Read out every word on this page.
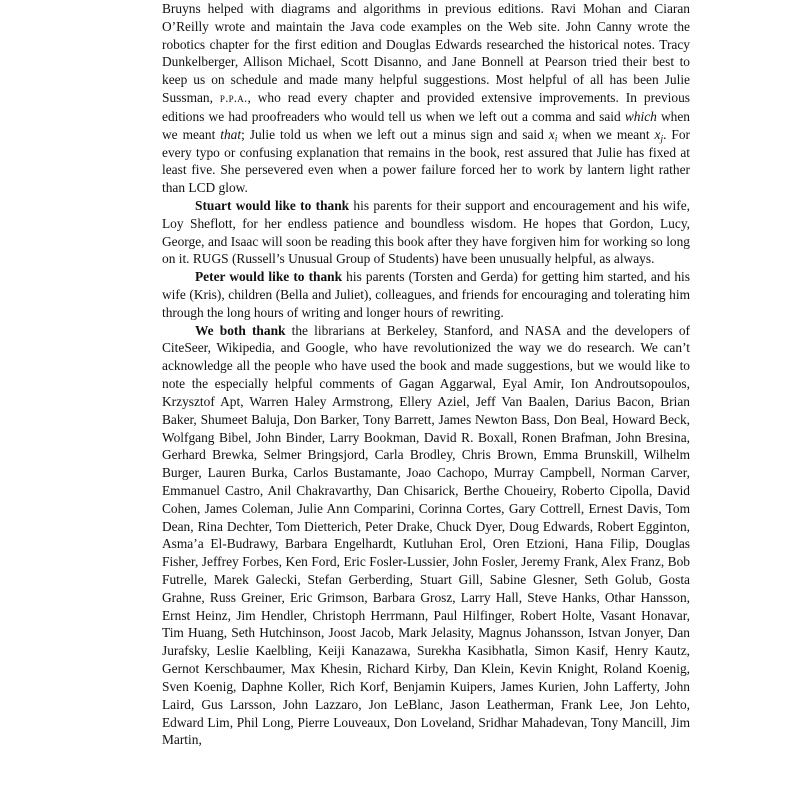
Bruyns helped with diagrams and algorithms in previous editions. Ravi Mohan and Ciaran O’Reilly wrote and maintain the Java code examples on the Web site. John Canny wrote the robotics chapter for the first edition and Douglas Edwards researched the historical notes. Tracy Dunkelberger, Allison Michael, Scott Disanno, and Jane Bonnell at Pearson tried their best to keep us on schedule and made many helpful suggestions. Most helpful of all has been Julie Sussman, p.p.a., who read every chapter and provided extensive improvements. In previous editions we had proofreaders who would tell us when we left out a comma and said which when we meant that; Julie told us when we left out a minus sign and said $x_i$ when we meant $x_j$. For every typo or confusing explanation that remains in the book, rest assured that Julie has fixed at least five. She persevered even when a power failure forced her to work by lantern light rather than LCD glow.

Stuart would like to thank his parents for their support and encouragement and his wife, Loy Sheflott, for her endless patience and boundless wisdom. He hopes that Gordon, Lucy, George, and Isaac will soon be reading this book after they have forgiven him for working so long on it. RUGS (Russell’s Unusual Group of Students) have been unusually helpful, as always.

Peter would like to thank his parents (Torsten and Gerda) for getting him started, and his wife (Kris), children (Bella and Juliet), colleagues, and friends for encouraging and tolerating him through the long hours of writing and longer hours of rewriting.

We both thank the librarians at Berkeley, Stanford, and NASA and the developers of CiteSeer, Wikipedia, and Google, who have revolutionized the way we do research. We can’t acknowledge all the people who have used the book and made suggestions, but we would like to note the especially helpful comments of Gagan Aggarwal, Eyal Amir, Ion Androutsopoulos, Krzysztof Apt, Warren Haley Armstrong, Ellery Aziel, Jeff Van Baalen, Darius Bacon, Brian Baker, Shumeet Baluja, Don Barker, Tony Barrett, James Newton Bass, Don Beal, Howard Beck, Wolfgang Bibel, John Binder, Larry Bookman, David R. Boxall, Ronen Brafman, John Bresina, Gerhard Brewka, Selmer Bringsjord, Carla Brodley, Chris Brown, Emma Brunskill, Wilhelm Burger, Lauren Burka, Carlos Bustamante, Joao Cachopo, Murray Campbell, Norman Carver, Emmanuel Castro, Anil Chakravarthy, Dan Chisarick, Berthe Choueiry, Roberto Cipolla, David Cohen, James Coleman, Julie Ann Comparini, Corinna Cortes, Gary Cottrell, Ernest Davis, Tom Dean, Rina Dechter, Tom Dietterich, Peter Drake, Chuck Dyer, Doug Edwards, Robert Egginton, Asma’a El-Budrawy, Barbara Engelhardt, Kutluhan Erol, Oren Etzioni, Hana Filip, Douglas Fisher, Jeffrey Forbes, Ken Ford, Eric Fosler-Lussier, John Fosler, Jeremy Frank, Alex Franz, Bob Futrelle, Marek Galecki, Stefan Gerberding, Stuart Gill, Sabine Glesner, Seth Golub, Gosta Grahne, Russ Greiner, Eric Grimson, Barbara Grosz, Larry Hall, Steve Hanks, Othar Hansson, Ernst Heinz, Jim Hendler, Christoph Herrmann, Paul Hilfinger, Robert Holte, Vasant Honavar, Tim Huang, Seth Hutchinson, Joost Jacob, Mark Jelasity, Magnus Johansson, Istvan Jonyer, Dan Jurafsky, Leslie Kaelbling, Keiji Kanazawa, Surekha Kasibhatla, Simon Kasif, Henry Kautz, Gernot Kerschbaumer, Max Khesin, Richard Kirby, Dan Klein, Kevin Knight, Roland Koenig, Sven Koenig, Daphne Koller, Rich Korf, Benjamin Kuipers, James Kurien, John Lafferty, John Laird, Gus Larsson, John Lazzaro, Jon LeBlanc, Jason Leatherman, Frank Lee, Jon Lehto, Edward Lim, Phil Long, Pierre Louveaux, Don Loveland, Sridhar Mahadevan, Tony Mancill, Jim Martin,
